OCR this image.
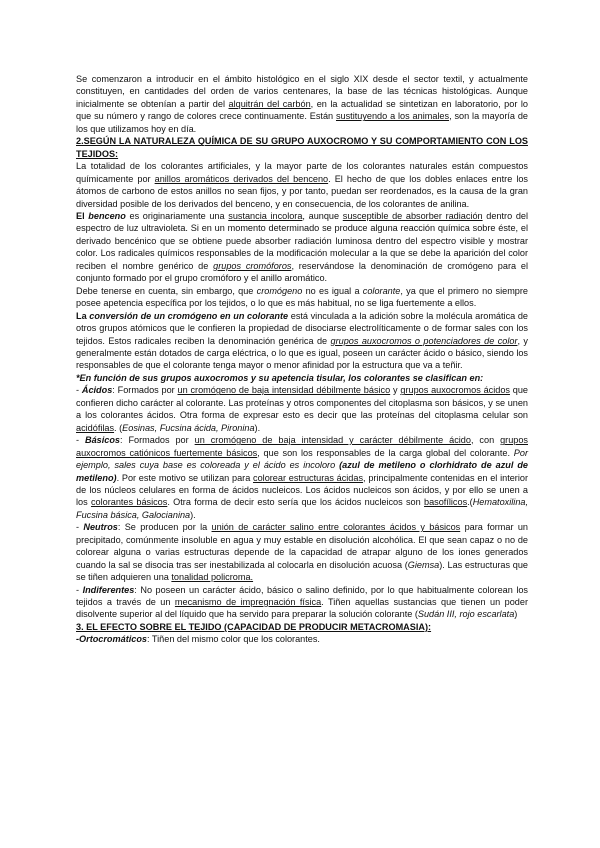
Se comenzaron a introducir en el ámbito histológico en el siglo XIX desde el sector textil, y actualmente constituyen, en cantidades del orden de varios centenares, la base de las técnicas histológicas. Aunque inicialmente se obtenían a partir del alquitrán del carbón, en la actualidad se sintetizan en laboratorio, por lo que su número y rango de colores crece continuamente. Están sustituyendo a los animales, son la mayoría de los que utilizamos hoy en día.

2.SEGÚN LA NATURALEZA QUÍMICA DE SU GRUPO AUXOCROMO Y SU COMPORTAMIENTO CON LOS TEJIDOS:

La totalidad de los colorantes artificiales, y la mayor parte de los colorantes naturales están compuestos químicamente por anillos aromáticos derivados del benceno. El hecho de que los dobles enlaces entre los átomos de carbono de estos anillos no sean fijos, y por tanto, puedan ser reordenados, es la causa de la gran diversidad posible de los derivados del benceno, y en consecuencia, de los colorantes de anilina.

El benceno es originariamente una sustancia incolora, aunque susceptible de absorber radiación dentro del espectro de luz ultravioleta. Si en un momento determinado se produce alguna reacción química sobre éste, el derivado bencénico que se obtiene puede absorber radiación luminosa dentro del espectro visible y mostrar color. Los radicales químicos responsables de la modificación molecular a la que se debe la aparición del color reciben el nombre genérico de grupos cromóforos, reservándose la denominación de cromógeno para el conjunto formado por el grupo cromóforo y el anillo aromático.

Debe tenerse en cuenta, sin embargo, que cromógeno no es igual a colorante, ya que el primero no siempre posee apetencia específica por los tejidos, o lo que es más habitual, no se liga fuertemente a ellos.

La conversión de un cromógeno en un colorante está vinculada a la adición sobre la molécula aromática de otros grupos atómicos que le confieren la propiedad de disociarse electrolíticamente o de formar sales con los tejidos. Estos radicales reciben la denominación genérica de grupos auxocromos o potenciadores de color, y generalmente están dotados de carga eléctrica, o lo que es igual, poseen un carácter ácido o básico, siendo los responsables de que el colorante tenga mayor o menor afinidad por la estructura que va a teñir.

*En función de sus grupos auxocromos y su apetencia tisular, los colorantes se clasifican en:

- Ácidos: Formados por un cromógeno de baja intensidad débilmente básico y grupos auxocromos ácidos que confieren dicho carácter al colorante. Las proteínas y otros componentes del citoplasma son básicos, y se unen a los colorantes ácidos. Otra forma de expresar esto es decir que las proteínas del citoplasma celular son acidófilas. (Eosinas, Fucsina ácida, Pironina).

- Básicos: Formados por un cromógeno de baja intensidad y carácter débilmente ácido, con grupos auxocromos catiónicos fuertemente básicos, que son los responsables de la carga global del colorante. Por ejemplo, sales cuya base es coloreada y el ácido es incoloro (azul de metileno o clorhidrato de azul de metileno). Por este motivo se utilizan para colorear estructuras ácidas, principalmente contenidas en el interior de los núcleos celulares en forma de ácidos nucleicos. Los ácidos nucleicos son ácidos, y por ello se unen a los colorantes básicos. Otra forma de decir esto sería que los ácidos nucleicos son basofílicos.(Hematoxilina, Fucsina básica, Galocianina).

- Neutros: Se producen por la unión de carácter salino entre colorantes ácidos y básicos para formar un precipitado, comúnmente insoluble en agua y muy estable en disolución alcohólica. El que sean capaz o no de colorear alguna o varias estructuras depende de la capacidad de atrapar alguno de los iones generados cuando la sal se disocia tras ser inestabilizada al colocarla en disolución acuosa (Giemsa). Las estructuras que se tiñen adquieren una tonalidad policroma.

- Indiferentes: No poseen un carácter ácido, básico o salino definido, por lo que habitualmente colorean los tejidos a través de un mecanismo de impregnación física. Tiñen aquellas sustancias que tienen un poder disolvente superior al del líquido que ha servido para preparar la solución colorante (Sudán III, rojo escarlata)

3. EL EFECTO SOBRE EL TEJIDO (CAPACIDAD DE PRODUCIR METACROMASIA):

-Ortocromáticos: Tiñen del mismo color que los colorantes.
